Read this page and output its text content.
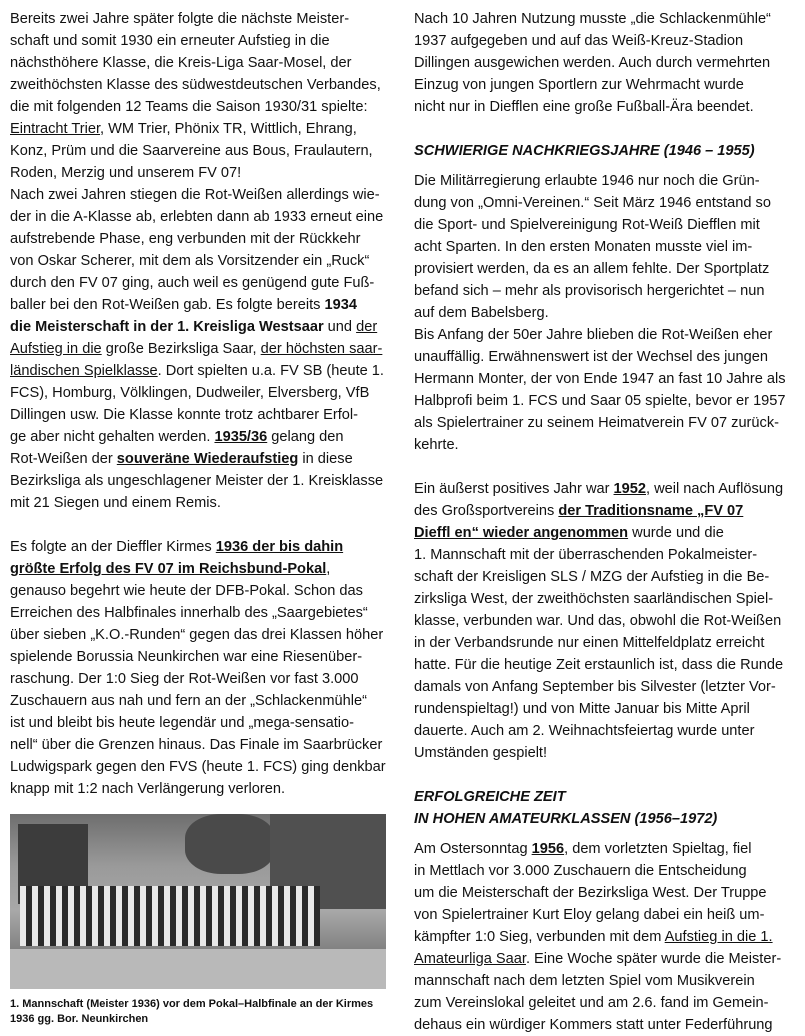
Bereits zwei Jahre später folgte die nächste Meister-
schaft und somit 1930 ein erneuter Aufstieg in die
nächsthöhere Klasse, die Kreis-Liga Saar-Mosel, der
zweithöchsten Klasse des südwestdeutschen Verbandes,
die mit folgenden 12 Teams die Saison 1930/31 spielte:
Eintracht Trier, WM Trier, Phönix TR, Wittlich, Ehrang,
Konz, Prüm und die Saarvereine aus Bous, Fraulautern,
Roden, Merzig und unserem FV 07!

Nach zwei Jahren stiegen die Rot-Weißen allerdings wie-
der in die A-Klasse ab, erlebten dann ab 1933 erneut eine
aufstrebende Phase, eng verbunden mit der Rückkehr
von Oskar Scherer, mit dem als Vorsitzender ein „Ruck“
durch den FV 07 ging, auch weil es genügend gute Fuß-
baller bei den Rot-Weißen gab. Es folgte bereits 1934
die Meisterschaft in der 1. Kreisliga Westsaar und der
Aufstieg in die große Bezirksliga Saar, der höchsten saar-
ländischen Spielklasse. Dort spielten u.a. FV SB (heute 1.
FCS), Homburg, Völklingen, Dudweiler, Elversberg, VfB
Dillingen usw. Die Klasse konnte trotz achtbarer Erfol-
ge aber nicht gehalten werden. 1935/36 gelang den
Rot-Weißen der souveräne Wiederaufstieg in diese
Bezirksliga als ungeschlagener Meister der 1. Kreisklasse
mit 21 Siegen und einem Remis.

Es folgte an der Dieffler Kirmes 1936 der bis dahin
größte Erfolg des FV 07 im Reichsbund-Pokal,
genauso begehrt wie heute der DFB-Pokal. Schon das
Erreichen des Halbfinales innerhalb des „Saargebietes“
über sieben „K.O.-Runden“ gegen das drei Klassen höher
spielende Borussia Neunkirchen war eine Riesenüber-
raschung. Der 1:0 Sieg der Rot-Weißen vor fast 3.000
Zuschauern aus nah und fern an der „Schlackenmühle“
ist und bleibt bis heute legendär und „mega-sensatio-
nell“ über die Grenzen hinaus. Das Finale im Saarbrücker
Ludwigspark gegen den FVS (heute 1. FCS) ging denkbar
knapp mit 1:2 nach Verlängerung verloren.

1. Mannschaft (Meister 1936) vor dem Pokal–Halbfinale an der Kirmes
1936 gg. Bor. Neunkirchen

Nach 10 Jahren Nutzung musste „die Schlackenmühle“
1937 aufgegeben und auf das Weiß-Kreuz-Stadion
Dillingen ausgewichen werden. Auch durch vermehrten
Einzug von jungen Sportlern zur Wehrmacht wurde
nicht nur in Diefflen eine große Fußball-Ära beendet.

SCHWIERIGE NACHKRIEGSJAHRE (1946 – 1955)

Die Militärregierung erlaubte 1946 nur noch die Grün-
dung von „Omni-Vereinen.“ Seit März 1946 entstand so
die Sport- und Spielvereinigung Rot-Weiß Diefflen mit
acht Sparten. In den ersten Monaten musste viel im-
provisiert werden, da es an allem fehlte. Der Sportplatz
befand sich – mehr als provisorisch hergerichtet – nun
auf dem Babelsberg.
Bis Anfang der 50er Jahre blieben die Rot-Weißen eher
unauffällig. Erwähnenswert ist der Wechsel des jungen
Hermann Monter, der von Ende 1947 an fast 10 Jahre als
Halbprofi beim 1. FCS und Saar 05 spielte, bevor er 1957
als Spielertrainer zu seinem Heimatverein FV 07 zurück-
kehrte.

Ein äußerst positives Jahr war 1952, weil nach Auflösung
des Großsportvereins der Traditionsname „FV 07
Dieffl en“ wieder angenommen wurde und die
1. Mannschaft mit der überraschenden Pokalmeister-
schaft der Kreisligen SLS / MZG der Aufstieg in die Be-
zirksliga West, der zweithöchsten saarländischen Spiel-
klasse, verbunden war. Und das, obwohl die Rot-Weißen
in der Verbandsrunde nur einen Mittelfeldplatz erreicht
hatte. Für die heutige Zeit erstaunlich ist, dass die Runde
damals von Anfang September bis Silvester (letzter Vor-
rundenspieltag!) und von Mitte Januar bis Mitte April
dauerte. Auch am 2. Weihnachtsfeiertag wurde unter
Umständen gespielt!

ERFOLGREICHE ZEIT
IN HOHEN AMATEURKLASSEN (1956–1972)

Am Ostersonntag 1956, dem vorletzten Spieltag, fiel
in Mettlach vor 3.000 Zuschauern die Entscheidung
um die Meisterschaft der Bezirksliga West. Der Truppe
von Spielertrainer Kurt Eloy gelang dabei ein heiß um-
kämpfter 1:0 Sieg, verbunden mit dem Aufstieg in die 1.
Amateurliga Saar. Eine Woche später wurde die Meister-
mannschaft nach dem letzten Spiel vom Musikverein
zum Vereinslokal geleitet und am 2.6. fand im Gemein-
dehaus ein würdiger Kommers statt unter Federführung
